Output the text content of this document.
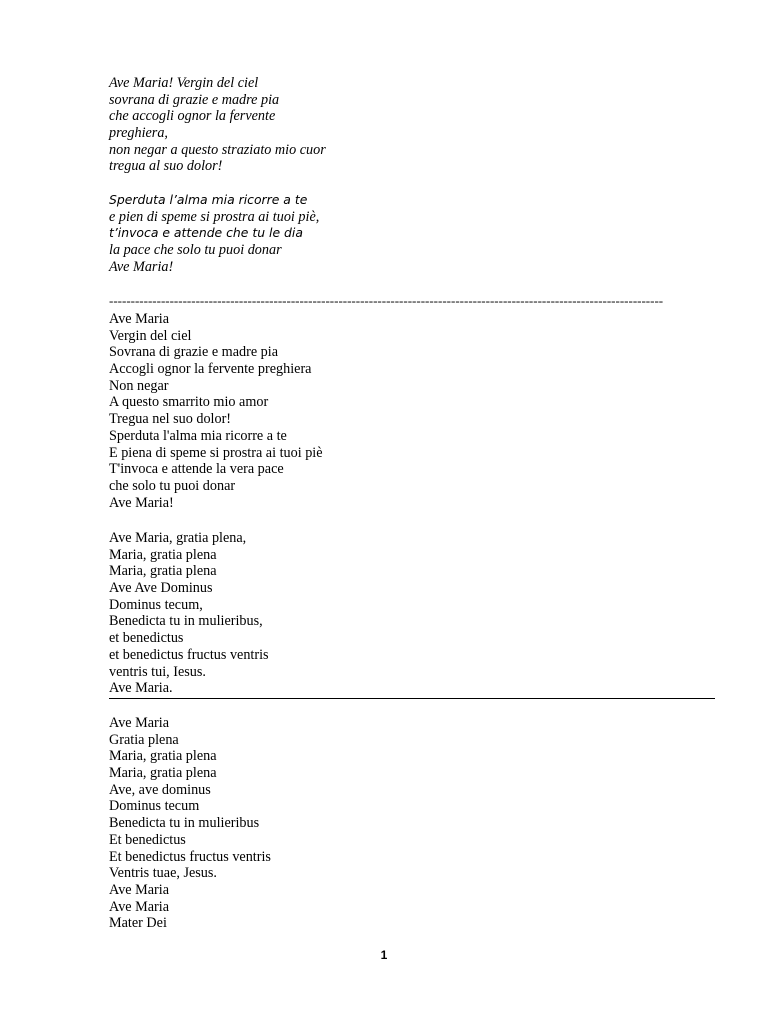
Ave Maria! Vergin del ciel
sovrana di grazie e madre pia
che accogli ognor la fervente
preghiera,
non negar a questo straziato mio cuor
tregua al suo dolor!
Sperduta l’alma mia ricorre a te
e pien di speme si prostra ai tuoi piè,
t’invoca e attende che tu le dia
la pace che solo tu puoi donar
Ave Maria!
--------------------------------------------------------------------------------------------------------------------------------
Ave Maria
Vergin del ciel
Sovrana di grazie e madre pia
Accogli ognor la fervente preghiera
Non negar
A questo smarrito mio amor
Tregua nel suo dolor!
Sperduta l'alma mia ricorre a te
E piena di speme si prostra ai tuoi piè
T'invoca e attende la vera pace
che solo tu puoi donar
Ave Maria!
Ave Maria, gratia plena,
Maria, gratia plena
Maria, gratia plena
Ave Ave Dominus
Dominus tecum,
Benedicta tu in mulieribus,
et benedictus
et benedictus fructus ventris
ventris tui, Iesus.
Ave Maria.
Ave Maria
Gratia plena
Maria, gratia plena
Maria, gratia plena
Ave, ave dominus
Dominus tecum
Benedicta tu in mulieribus
Et benedictus
Et benedictus fructus ventris
Ventris tuae, Jesus.
Ave Maria
Ave Maria
Mater Dei
1
